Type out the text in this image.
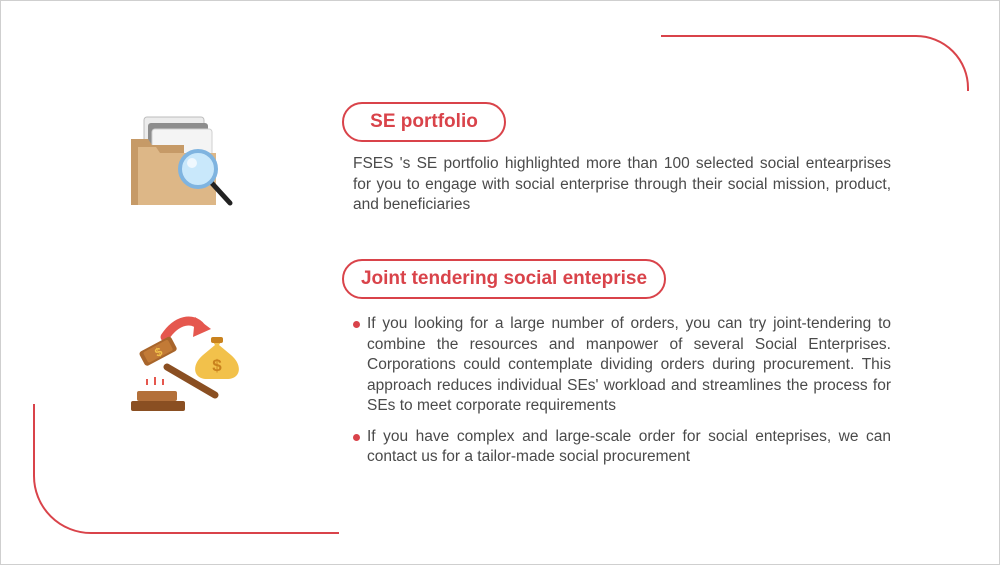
SE portfolio
FSES 's SE portfolio highlighted more than 100 selected social entearprises for you to engage with social enterprise through their social mission, product, and beneficiaries
$
$
Joint tendering social enteprise
If you looking for a large number of orders, you can try joint-tendering to combine the resources and manpower of several Social Enterprises. Corporations could contemplate dividing orders during procurement. This approach reduces individual SEs' workload and streamlines the process for SEs to meet corporate requirements
If you have complex and large-scale order for social enteprises, we can contact us for a tailor-made social procurement
